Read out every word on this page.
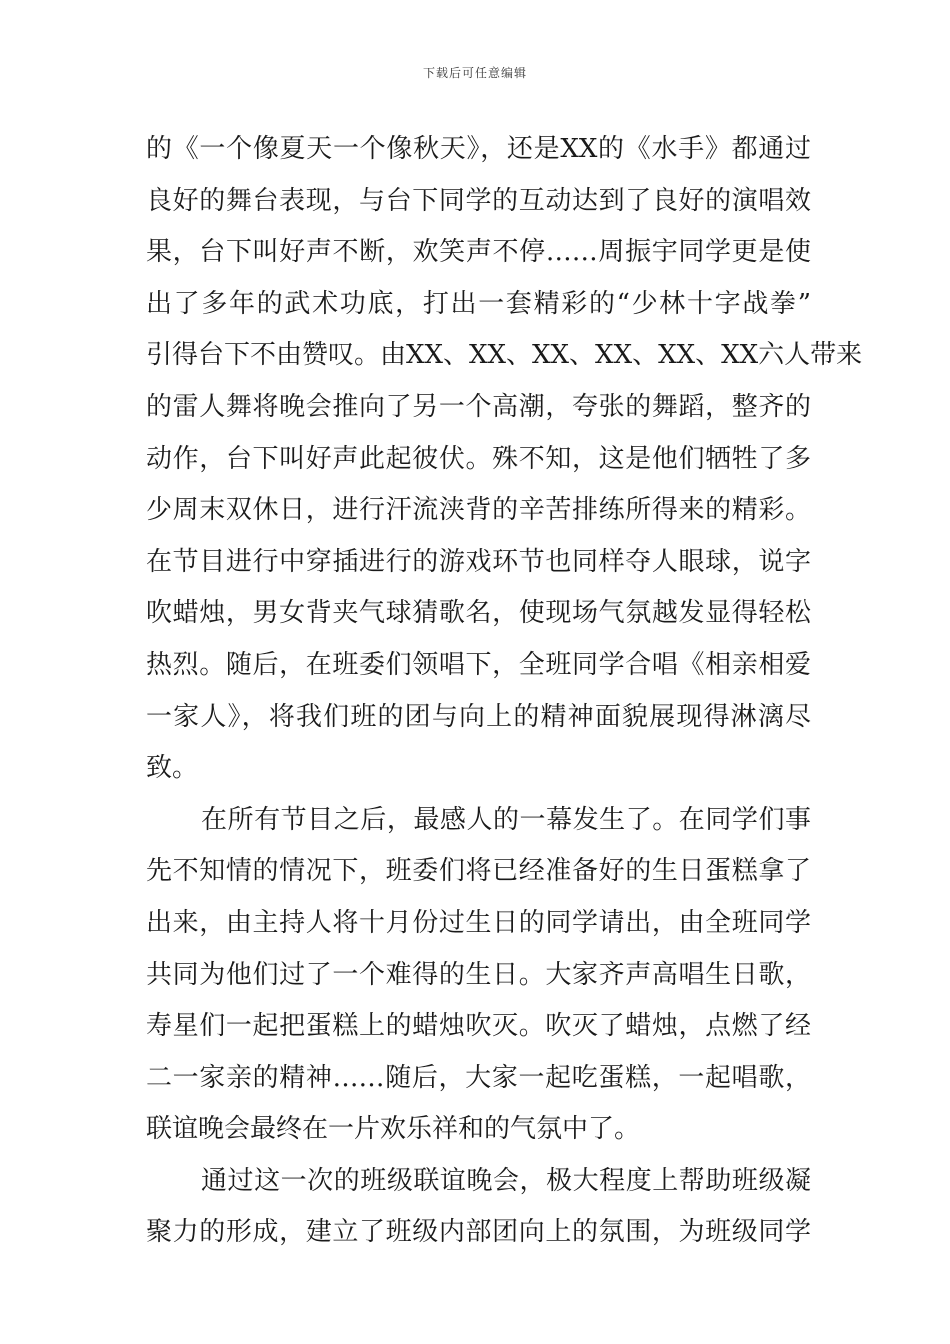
下载后可任意编辑
的《一个像夏天一个像秋天》，还是XX的《水手》都通过
良好的舞台表现，与台下同学的互动达到了良好的演唱效
果，台下叫好声不断，欢笑声不停……周振宇同学更是使
出了多年的武术功底，打出一套精彩的“少林十字战拳”
引得台下不由赞叹。由XX、XX、XX、XX、XX、XX六人带来
的雷人舞将晚会推向了另一个高潮，夸张的舞蹈，整齐的
动作，台下叫好声此起彼伏。殊不知，这是他们牺牲了多
少周末双休日，进行汗流浃背的辛苦排练所得来的精彩。
在节目进行中穿插进行的游戏环节也同样夺人眼球，说字
吹蜡烛，男女背夹气球猜歌名，使现场气氛越发显得轻松
热烈。随后，在班委们领唱下，全班同学合唱《相亲相爱
一家人》，将我们班的团与向上的精神面貌展现得淋漓尽
致。
在所有节目之后，最感人的一幕发生了。在同学们事
先不知情的情况下，班委们将已经准备好的生日蛋糕拿了
出来，由主持人将十月份过生日的同学请出，由全班同学
共同为他们过了一个难得的生日。大家齐声高唱生日歌，
寿星们一起把蛋糕上的蜡烛吹灭。吹灭了蜡烛，点燃了经
二一家亲的精神……随后，大家一起吃蛋糕，一起唱歌，
联谊晚会最终在一片欢乐祥和的气氛中了。
通过这一次的班级联谊晚会，极大程度上帮助班级凝
聚力的形成，建立了班级内部团向上的氛围，为班级同学
